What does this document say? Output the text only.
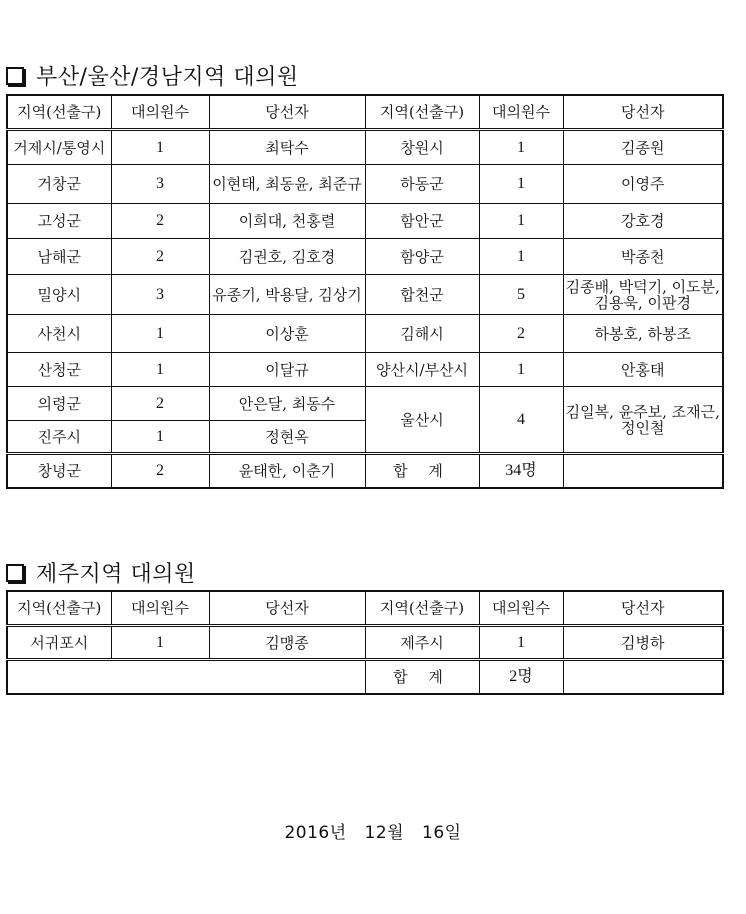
부산/울산/경남지역 대의원
지역(선출구)	대의원수	당선자	지역(선출구)	대의원수	당선자
거제시/통영시	1	최탁수	창원시	1	김종원
거창군	3	이현태, 최동윤, 최준규	하동군	1	이영주
고성군	2	이희대, 천홍렬	함안군	1	강호경
남해군	2	김권호, 김호경	함양군	1	박종천
밀양시	3	유종기, 박용달, 김상기	합천군	5	김종배, 박덕기, 이도분, 김용욱, 이판경
사천시	1	이상훈	김해시	2	하봉호, 하봉조
산청군	1	이달규	양산시/부산시	1	안홍태
의령군	2	안은달, 최동수	울산시	4	김일복, 윤주보, 조재근, 정인철
진주시	1	정현옥			
창녕군	2	윤태한, 이춘기	합 계	34명	
제주지역 대의원
지역(선출구)	대의원수	당선자	지역(선출구)	대의원수	당선자
서귀포시	1	김맹종	제주시	1	김병하
			합 계	2명	
2016년 12월 16일
